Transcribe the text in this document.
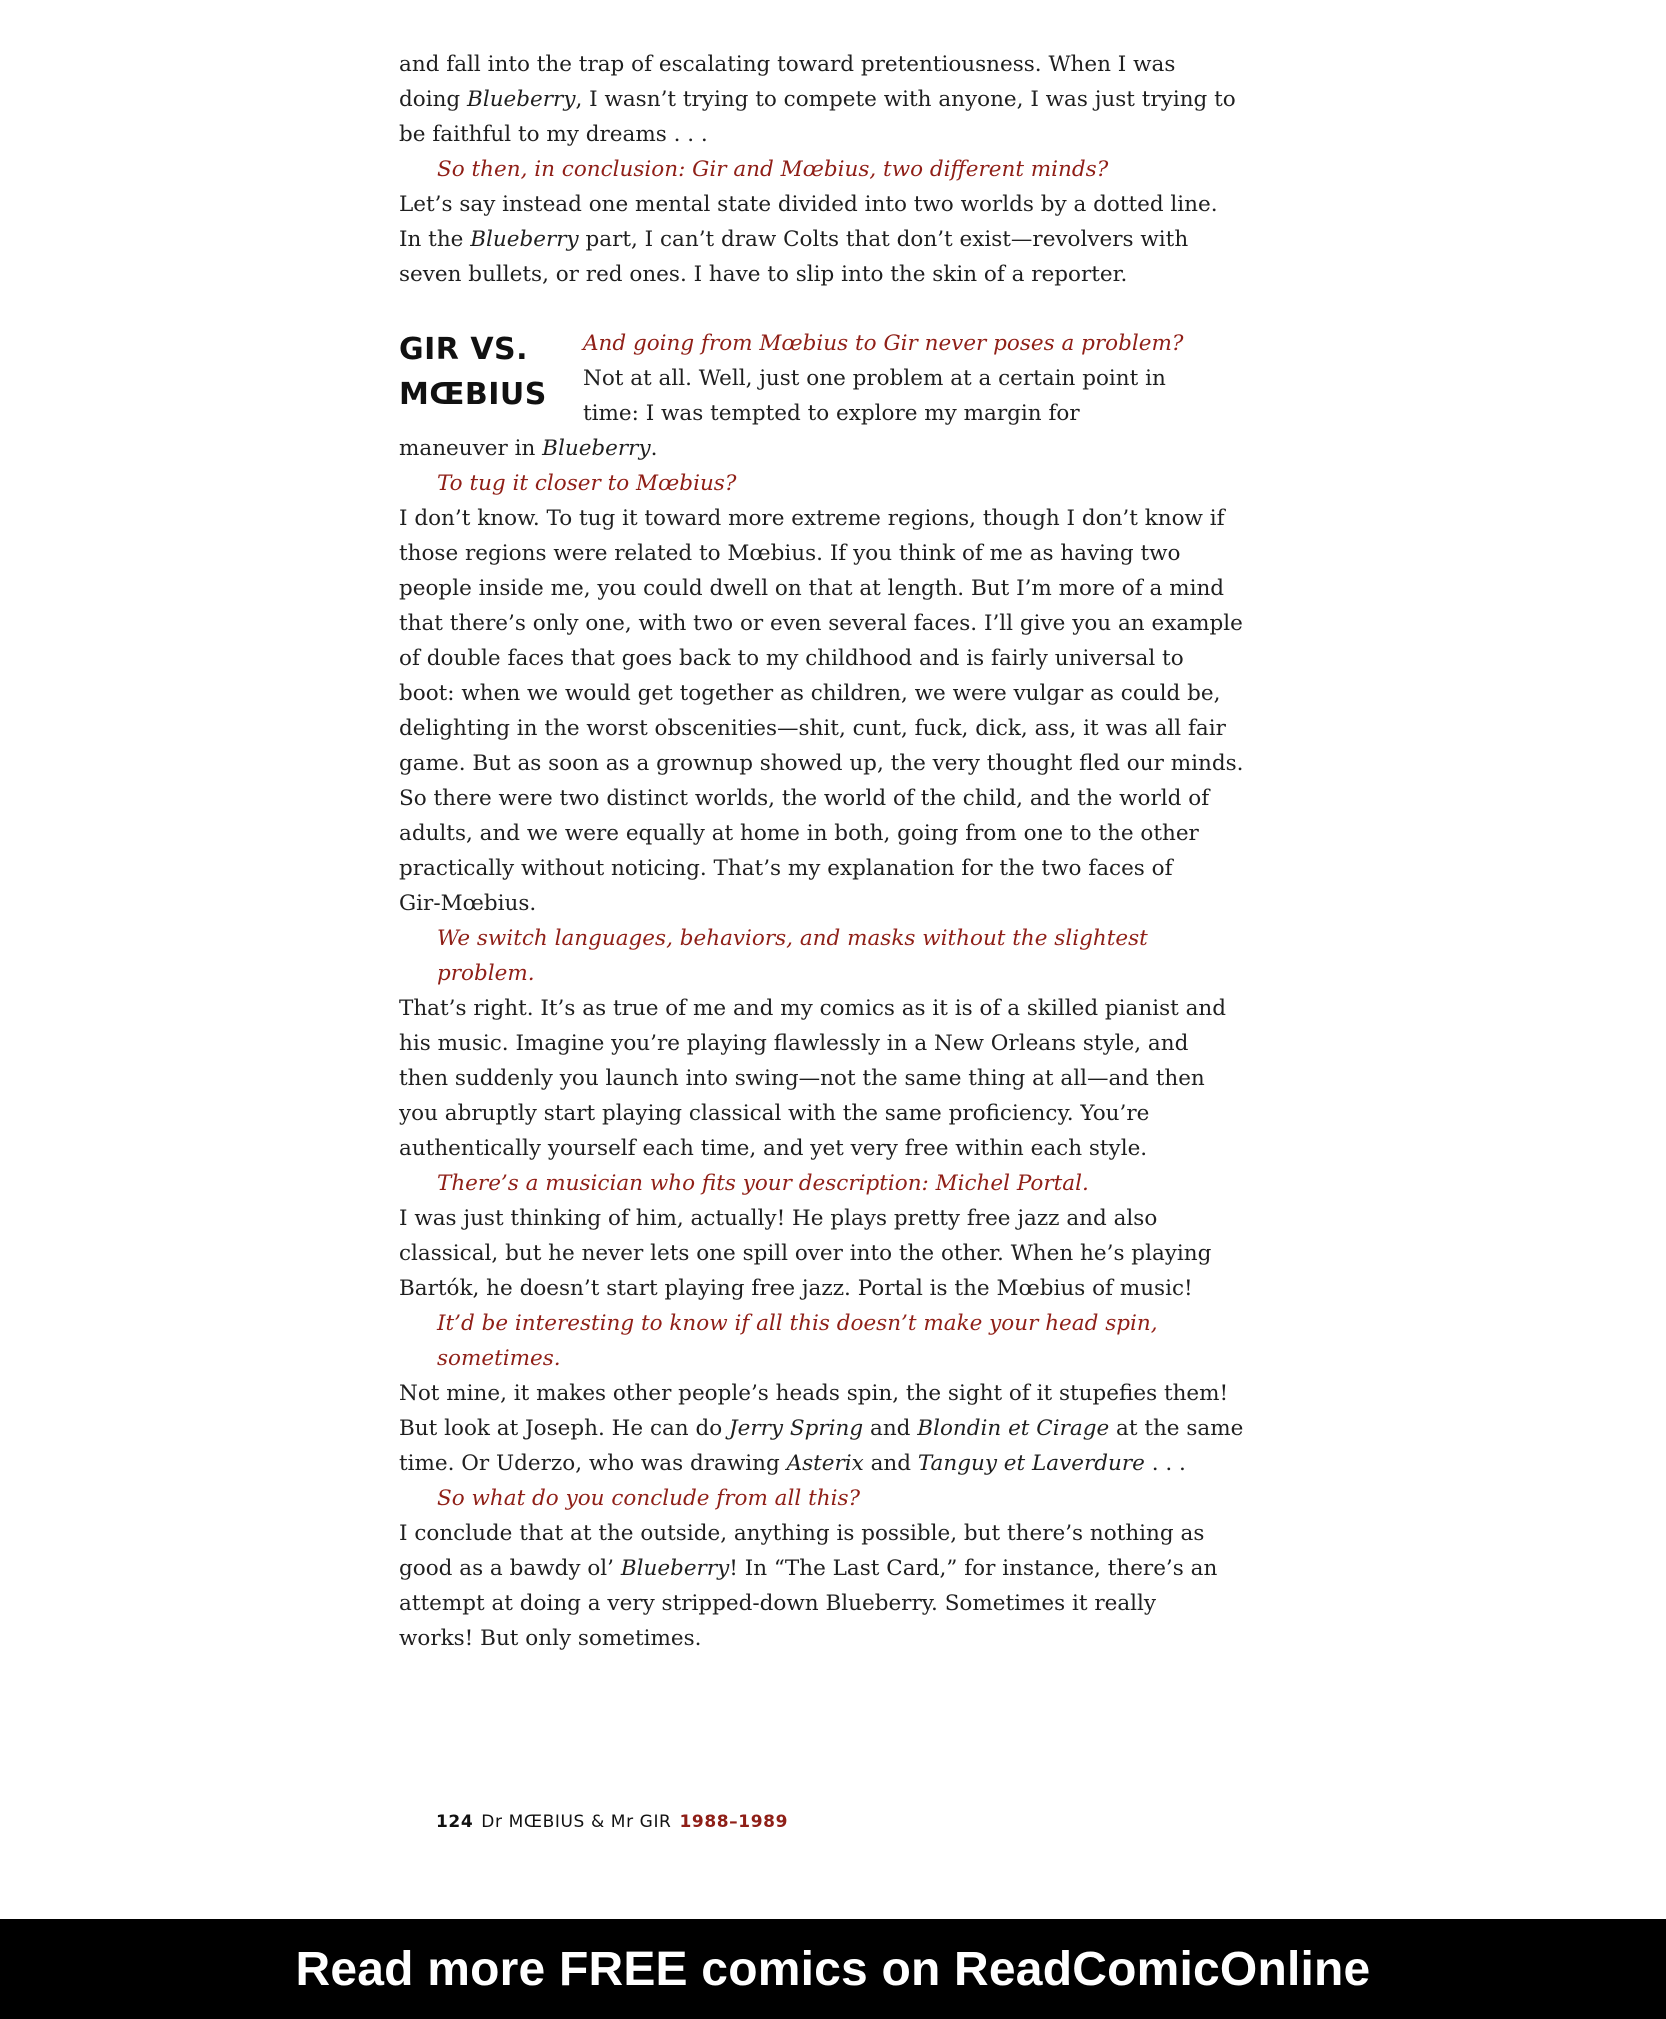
and fall into the trap of escalating toward pretentiousness. When I was
doing Blueberry, I wasn’t trying to compete with anyone, I was just trying to
be faithful to my dreams . . .

So then, in conclusion: Gir and Mœbius, two different minds?

Let’s say instead one mental state divided into two worlds by a dotted line.
In the Blueberry part, I can’t draw Colts that don’t exist—revolvers with
seven bullets, or red ones. I have to slip into the skin of a reporter.

GIR VS.
MŒBIUS

And going from Mœbius to Gir never poses a problem?

Not at all. Well, just one problem at a certain point in
time: I was tempted to explore my margin for
maneuver in Blueberry.

To tug it closer to Mœbius?

I don’t know. To tug it toward more extreme regions, though I don’t know if
those regions were related to Mœbius. If you think of me as having two
people inside me, you could dwell on that at length. But I’m more of a mind
that there’s only one, with two or even several faces. I’ll give you an example
of double faces that goes back to my childhood and is fairly universal to
boot: when we would get together as children, we were vulgar as could be,
delighting in the worst obscenities—shit, cunt, fuck, dick, ass, it was all fair
game. But as soon as a grownup showed up, the very thought fled our minds.
So there were two distinct worlds, the world of the child, and the world of
adults, and we were equally at home in both, going from one to the other
practically without noticing. That’s my explanation for the two faces of
Gir-Mœbius.

We switch languages, behaviors, and masks without the slightest
problem.

That’s right. It’s as true of me and my comics as it is of a skilled pianist and
his music. Imagine you’re playing flawlessly in a New Orleans style, and
then suddenly you launch into swing—not the same thing at all—and then
you abruptly start playing classical with the same proficiency. You’re
authentically yourself each time, and yet very free within each style.

There’s a musician who fits your description: Michel Portal.

I was just thinking of him, actually! He plays pretty free jazz and also
classical, but he never lets one spill over into the other. When he’s playing
Bartók, he doesn’t start playing free jazz. Portal is the Mœbius of music!

It’d be interesting to know if all this doesn’t make your head spin,
sometimes.

Not mine, it makes other people’s heads spin, the sight of it stupefies them!
But look at Joseph. He can do Jerry Spring and Blondin et Cirage at the same
time. Or Uderzo, who was drawing Asterix and Tanguy et Laverdure . . .

So what do you conclude from all this?

I conclude that at the outside, anything is possible, but there’s nothing as
good as a bawdy ol’ Blueberry! In “The Last Card,” for instance, there’s an
attempt at doing a very stripped-down Blueberry. Sometimes it really
works! But only sometimes.

124 Dr MŒBIUS & Mr GIR 1988–1989
Read more FREE comics on ReadComicOnline
